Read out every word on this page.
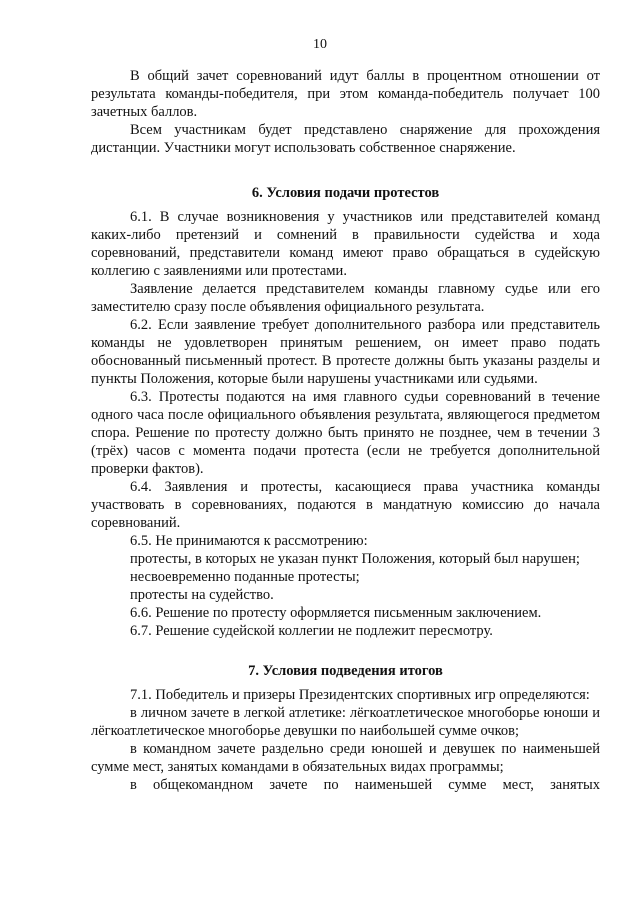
10

В общий зачет соревнований идут баллы в процентном отношении от результата команды-победителя, при этом команда-победитель получает 100 зачетных баллов.

Всем участникам будет представлено снаряжение для прохождения дистанции. Участники могут использовать собственное снаряжение.

6. Условия подачи протестов

6.1. В случае возникновения у участников или представителей команд каких-либо претензий и сомнений в правильности судейства и хода соревнований, представители команд имеют право обращаться в судейскую коллегию с заявлениями или протестами.

Заявление делается представителем команды главному судье или его заместителю сразу после объявления официального результата.

6.2. Если заявление требует дополнительного разбора или представитель команды не удовлетворен принятым решением, он имеет право подать обоснованный письменный протест. В протесте должны быть указаны разделы и пункты Положения, которые были нарушены участниками или судьями.

6.3. Протесты подаются на имя главного судьи соревнований в течение одного часа после официального объявления результата, являющегося предметом спора. Решение по протесту должно быть принято не позднее, чем в течении 3 (трёх) часов с момента подачи протеста (если не требуется дополнительной проверки фактов).

6.4. Заявления и протесты, касающиеся права участника команды участвовать в соревнованиях, подаются в мандатную комиссию до начала соревнований.

6.5. Не принимаются к рассмотрению:

протесты, в которых не указан пункт Положения, который был нарушен;

несвоевременно поданные протесты;

протесты на судейство.

6.6. Решение по протесту оформляется письменным заключением.

6.7. Решение судейской коллегии не подлежит пересмотру.

7. Условия подведения итогов

7.1. Победитель и призеры Президентских спортивных игр определяются:

в личном зачете в легкой атлетике: лёгкоатлетическое многоборье юноши и лёгкоатлетическое многоборье девушки по наибольшей сумме очков;

в командном зачете раздельно среди юношей и девушек по наименьшей сумме мест, занятых командами в обязательных видах программы;

в общекомандном зачете по наименьшей сумме мест, занятых
